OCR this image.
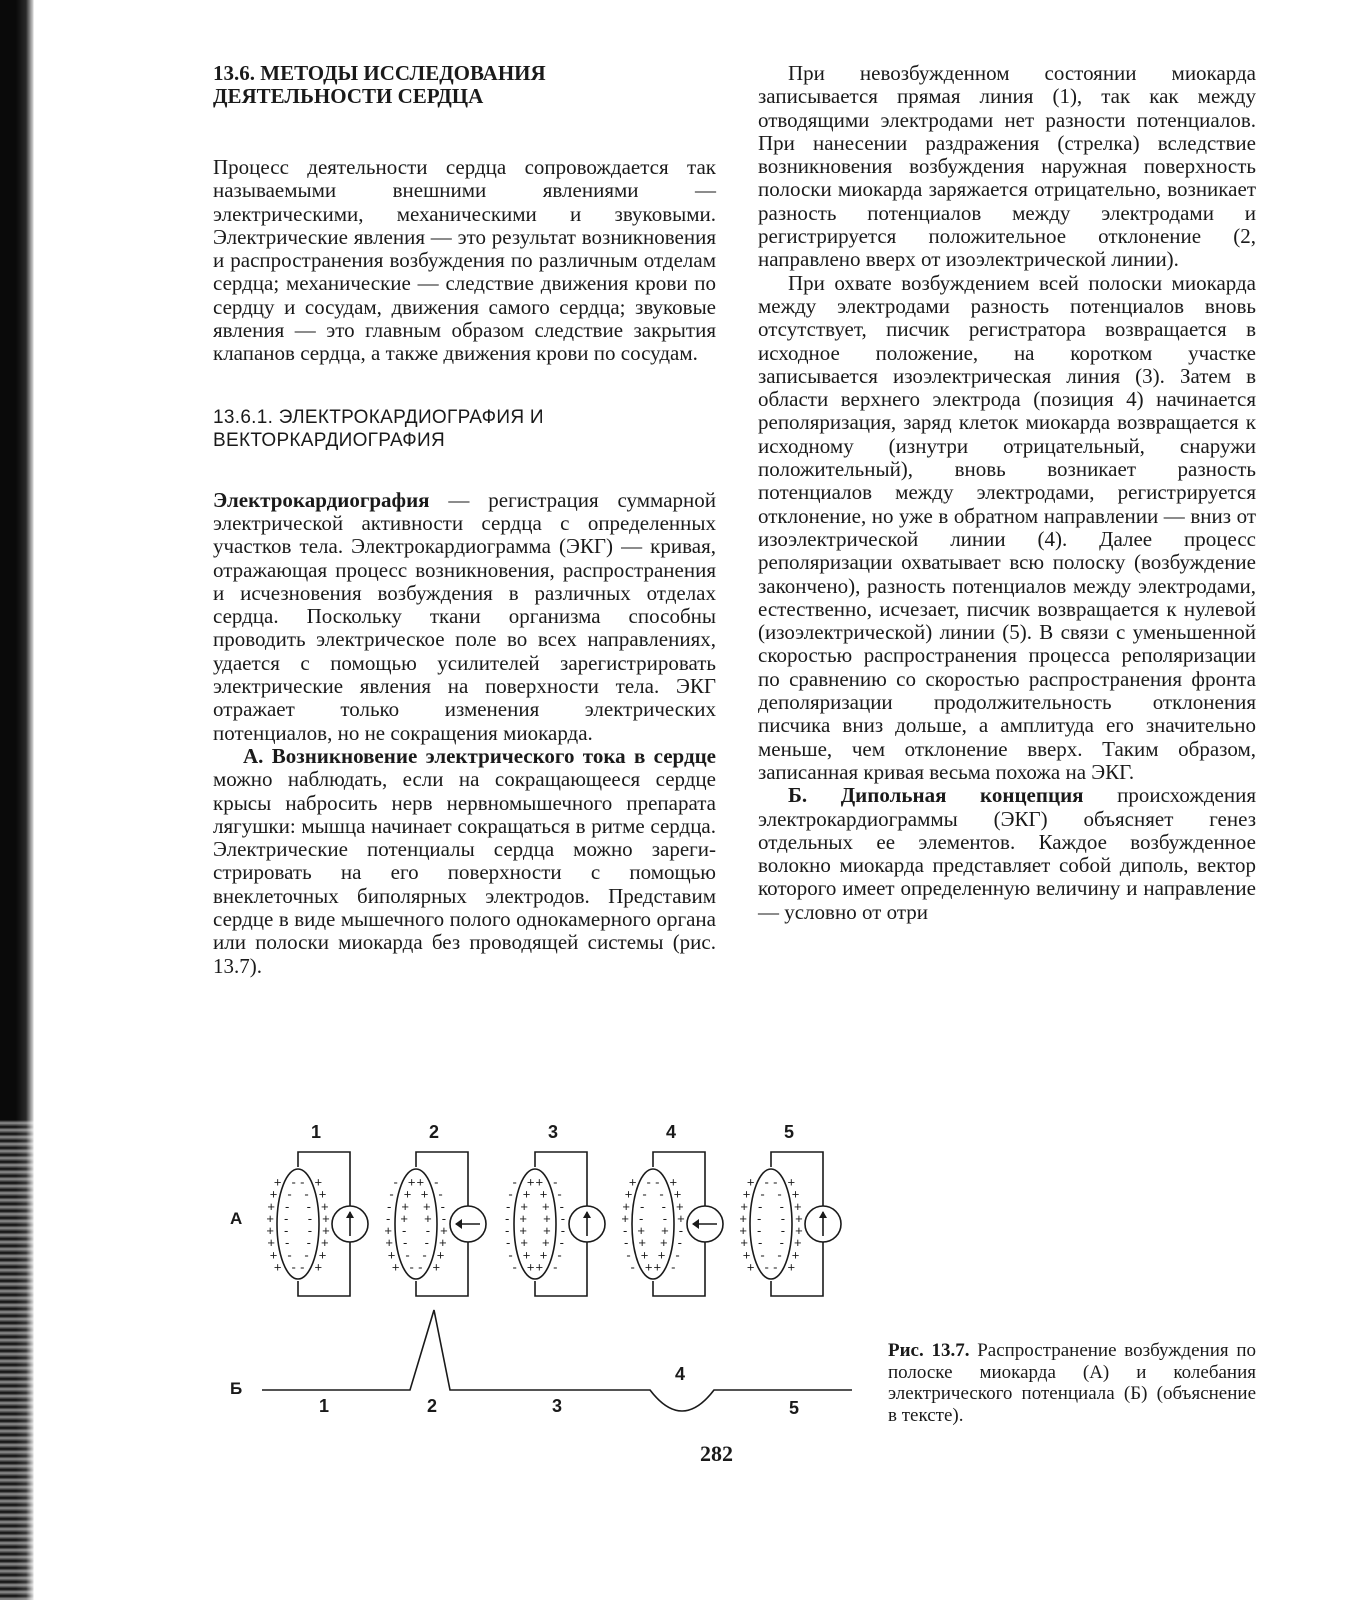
13.6. МЕТОДЫ ИССЛЕДОВАНИЯ ДЕЯТЕЛЬНОСТИ СЕРДЦА

Процесс деятельности сердца сопровождается так называемыми внешними явлениями — электрическими, механическими и звуковыми. Электрические явления — это результат возникновения и распространения возбуждения по различным отделам сердца; механические — следствие движения крови по сердцу и сосудам, движения самого сердца; звуковые явления — это главным образом следствие закрытия клапанов сердца, а также движения крови по сосудам.

13.6.1. ЭЛЕКТРОКАРДИОГРАФИЯ И ВЕКТОРКАРДИОГРАФИЯ

Электрокардиография — регистрация суммарной электрической активности сердца с определенных участков тела. Электрокардиограмма (ЭКГ) — кривая, отражающая процесс возникновения, распространения и исчезновения возбуждения в различных отделах сердца. Поскольку ткани организма способны проводить электрическое поле во всех направлениях, удается с помощью усилителей зарегистрировать электрические явления на поверхности тела. ЭКГ отражает только изменения электрических потенциалов, но не сокращения миокарда.

А. Возникновение электрического тока в сердце можно наблюдать, если на сокращающееся сердце крысы набросить нерв нервномышечного препарата лягушки: мышца начинает сокращаться в ритме сердца. Электрические потенциалы сердца можно зарегистрировать на его поверхности с помощью внеклеточных биполярных электродов. Представим сердце в виде мышечного полого однокамерного органа или полоски миокарда без проводящей системы (рис. 13.7).

При невозбужденном состоянии миокарда записывается прямая линия (1), так как между отводящими электродами нет разности потенциалов. При нанесении раздражения (стрелка) вследствие возникновения возбуждения наружная поверхность полоски миокарда заряжается отрицательно, возникает разность потенциалов между электродами и регистрируется положительное отклонение (2, направлено вверх от изоэлектрической линии).

При охвате возбуждением всей полоски миокарда между электродами разность потенциалов вновь отсутствует, писчик регистратора возвращается в исходное положение, на коротком участке записывается изоэлектрическая линия (3). Затем в области верхнего электрода (позиция 4) начинается реполяризация, заряд клеток миокарда возвращается к исходному (изнутри отрицательный, снаружи положительный), вновь возникает разность потенциалов между электродами, регистрируется отклонение, но уже в обратном направлении — вниз от изоэлектрической линии (4). Далее процесс реполяризации охватывает всю полоску (возбуждение закончено), разность потенциалов между электродами, естественно, исчезает, писчик возвращается к нулевой (изоэлектрической) линии (5). В связи с уменьшенной скоростью распространения процесса реполяризации по сравнению со скоростью распространения фронта деполяризации продолжительность отклонения писчика вниз дольше, а амплитуда его значительно меньше, чем отклонение вверх. Таким образом, записанная кривая весьма похожа на ЭКГ.

Б. Дипольная концепция происхождения электрокардиограммы (ЭКГ) объясняет генез отдельных ее элементов. Каждое возбужденное волокно миокарда представляет собой диполь, вектор которого имеет определенную величину и направление — условно от отри

А
Б
1
+ - +
-
+ - +
-
+ - +
-
+ -	+
-
+ -	+
-
+ - +
-
+ - +
-
+ - +
-
2
- + -
+
- + -
+
- + -
+
- +	-
+
+ -	+
-
+ - +
-
+ - +
-
+ - +
-
3
- + -
+
- + -
+
- + -
+
- +	-
+
- +	-
+
- + -
+
- + -
+
- + -
+
4
+ - +
-
+ - +
-
+ - +
-
+ -	+
-
- +	-
+
- + -
+
- + -
+
- + -
+
5
+ - +
-
+ - +
-
+ - +
-
+ -	+
-
+ -	+
-
+ - +
-
+ - +
-
+ - +
-
1	2	3
4
5

Рис. 13.7. Распространение возбуждения по полоске миокарда (А) и колебания электрического потенциала (Б) (объяснение в тексте).

282
